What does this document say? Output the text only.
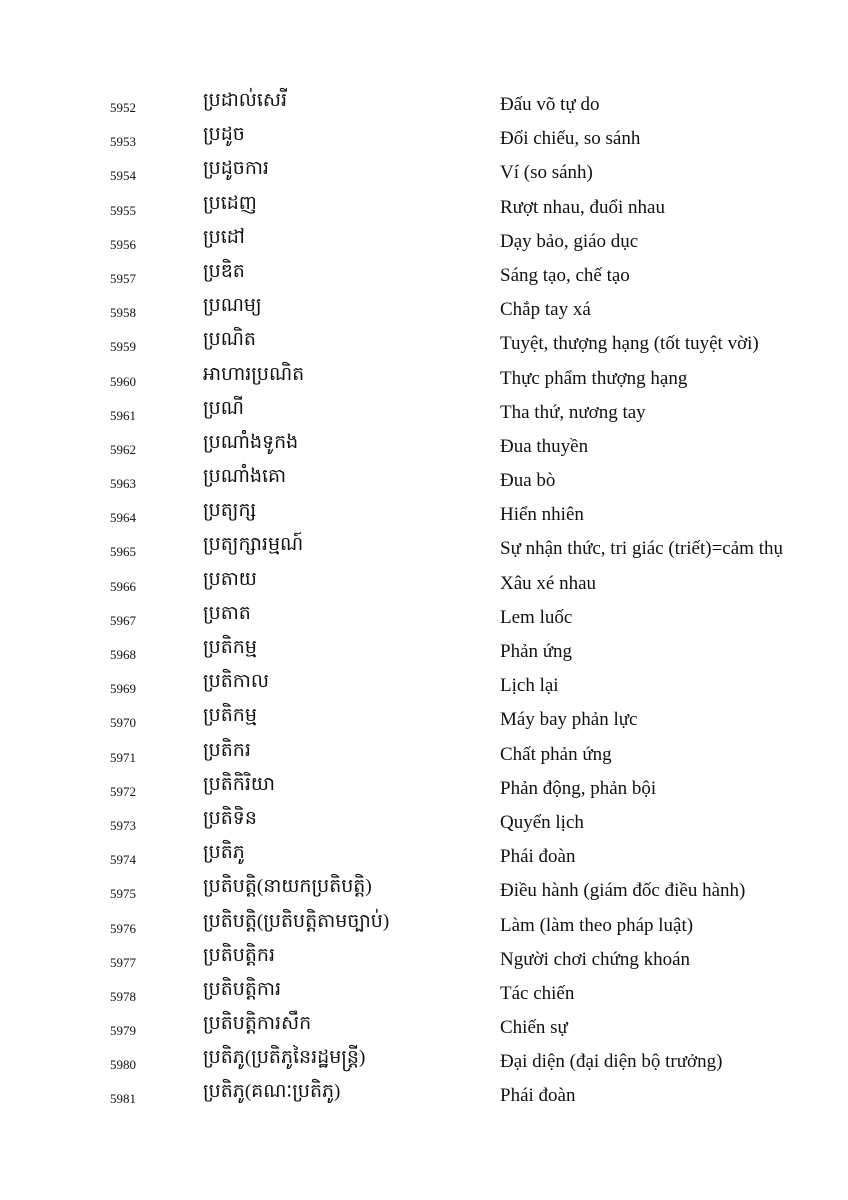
5952	ប្រដាល់សេរី	Đấu võ tự do
5953	ប្រដូច	Đối chiếu, so sánh
5954	ប្រដូចការ	Ví (so sánh)
5955	ប្រដេញ	Rượt nhau, đuổi nhau
5956	ប្រដៅ	Dạy bảo, giáo dục
5957	ប្រឌិត	Sáng tạo, chế tạo
5958	ប្រណម្យ	Chắp tay xá
5959	ប្រណិត	Tuyệt, thượng hạng (tốt tuyệt vời)
5960	អាហារប្រណិត	Thực phẩm thượng hạng
5961	ប្រណី	Tha thứ, nương tay
5962	ប្រណាំងទូកង	Đua thuyền
5963	ប្រណាំងគោ	Đua bò
5964	ប្រត្យក្ស	Hiển nhiên
5965	ប្រត្យក្សារម្មណ៍	Sự nhận thức, tri giác (triết)=cảm thụ
5966	ប្រតាយ	Xâu xé nhau
5967	ប្រតាត	Lem luốc
5968	ប្រតិកម្ម	Phản ứng
5969	ប្រតិកាល	Lịch lại
5970	ប្រតិកម្ម	Máy bay phản lực
5971	ប្រតិករ	Chất phản ứng
5972	ប្រតិកិរិយា	Phản động, phản bội
5973	ប្រតិទិន	Quyển lịch
5974	ប្រតិភូ	Phái đoàn
5975	ប្រតិបត្តិ(នាយកប្រតិបត្តិ)	Điều hành (giám đốc điều hành)
5976	ប្រតិបត្តិ(ប្រតិបត្តិតាមច្បាប់)	Làm (làm theo pháp luật)
5977	ប្រតិបត្តិករ	Người chơi chứng khoán
5978	ប្រតិបត្តិការ	Tác chiến
5979	ប្រតិបត្តិការសឹក	Chiến sự
5980	ប្រតិភូ(ប្រតិភូនៃរដ្ឋមន្ត្រី)	Đại diện (đại diện bộ trưởng)
5981	ប្រតិភូ(គណៈប្រតិភូ)	Phái đoàn
